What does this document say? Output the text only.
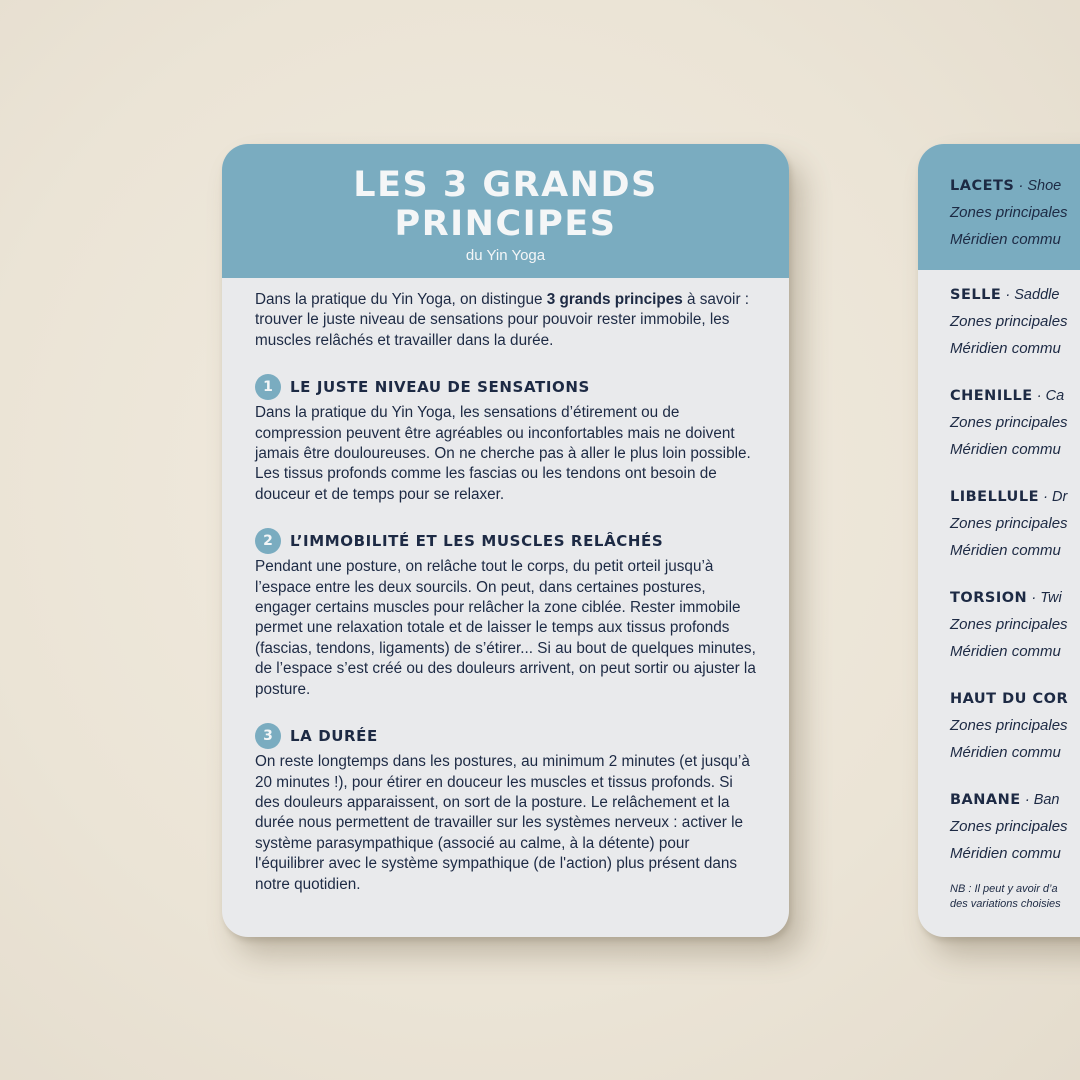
LES 3 GRANDS
PRINCIPES
du Yin Yoga

Dans la pratique du Yin Yoga, on distingue 3 grands principes à savoir : trouver le juste niveau de sensations pour pouvoir rester immobile, les muscles relâchés et travailler dans la durée.

1	LE JUSTE NIVEAU DE SENSATIONS

Dans la pratique du Yin Yoga, les sensations d’étirement ou de compression peuvent être agréables ou inconfortables mais ne doivent jamais être douloureuses. On ne cherche pas à aller le plus loin possible. Les tissus profonds comme les fascias ou les tendons ont besoin de douceur et de temps pour se relaxer.

2	L’IMMOBILITÉ ET LES MUSCLES RELÂCHÉS

Pendant une posture, on relâche tout le corps, du petit orteil jusqu’à l’espace entre les deux sourcils. On peut, dans certaines postures, engager certains muscles pour relâcher la zone ciblée. Rester immobile permet une relaxation totale et de laisser le temps aux tissus profonds (fascias, tendons, ligaments) de s’étirer... Si au bout de quelques minutes, de l’espace s’est créé ou des douleurs arrivent, on peut sortir ou ajuster la posture.

3	LA DURÉE

On reste longtemps dans les postures, au minimum 2 minutes (et jusqu’à 20 minutes !), pour étirer en douceur les muscles et tissus profonds. Si des douleurs apparaissent, on sort de la posture. Le relâchement et la durée nous permettent de travailler sur les systèmes nerveux : activer le système parasympathique (associé au calme, à la détente) pour l'équilibrer avec le système sympathique (de l'action) plus présent dans notre quotidien.

LACETS · Shoe
Zones principales
Méridien commu
SELLE · Saddle
Zones principales
Méridien commu
CHENILLE · Ca
Zones principales
Méridien commu
LIBELLULE · Dr
Zones principales
Méridien commu
TORSION · Twi
Zones principales
Méridien commu
HAUT DU COR
Zones principales
Méridien commu
BANANE · Ban
Zones principales
Méridien commu
NB : Il peut y avoir d’a
des variations choisies
